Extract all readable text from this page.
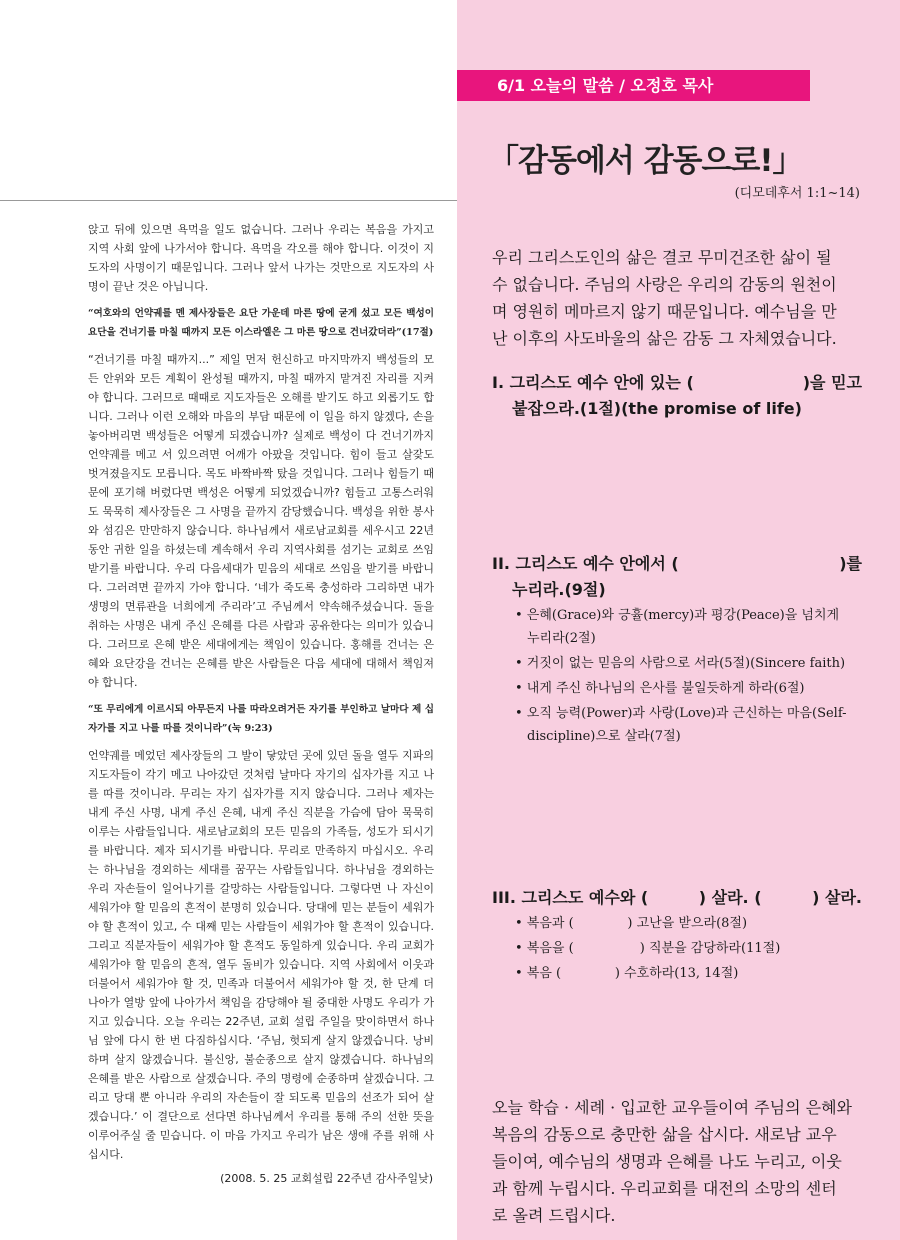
6/1 오늘의 말씀 / 오정호 목사
「감동에서 감동으로!」
(디모데후서 1:1~14)
우리 그리스도인의 삶은 결코 무미건조한 삶이 될 수 없습니다. 주님의 사랑은 우리의 감동의 원천이며 영원히 메마르지 않기 때문입니다. 예수님을 만난 이후의 사도바울의 삶은 감동 그 자체였습니다.
I. 그리스도 예수 안에 있는 (	)을 믿고
붙잡으라.(1절)(the promise of life)
II. 그리스도 예수 안에서 (	)를
누리라.(9절)
• 은혜(Grace)와 긍휼(mercy)과 평강(Peace)을 넘치게
누리라(2절)
• 거짓이 없는 믿음의 사람으로 서라(5절)(Sincere faith)
• 내게 주신 하나님의 은사를 불일듯하게 하라(6절)
• 오직 능력(Power)과 사랑(Love)과 근신하는 마음(Self-
discipline)으로 살라(7절)
III. 그리스도 예수와 (	) 살라. (	) 살라.
• 복음과 (             ) 고난을 받으라(8절)
• 복음을 (                ) 직분을 감당하라(11절)
• 복음 (             ) 수호하라(13, 14절)
오늘 학습 · 세례 · 입교한 교우들이여 주님의 은혜와 복음의 감동으로 충만한 삶을 삽시다. 새로남 교우들이여, 예수님의 생명과 은혜를 나도 누리고, 이웃과 함께 누립시다. 우리교회를 대전의 소망의 센터로 올려 드립시다.

앉고 뒤에 있으면 욕먹을 일도 없습니다. 그러나 우리는 복음을 가지고 지역 사회 앞에 나가서야 합니다. 욕먹을 각오를 해야 합니다. 이것이 지도자의 사명이기 때문입니다. 그러나 앞서 나가는 것만으로 지도자의 사명이 끝난 것은 아닙니다.

“여호와의 언약궤를 멘 제사장들은 요단 가운데 마른 땅에 굳게 섰고 모든 백성이 요단을 건너기를 마칠 때까지 모든 이스라엘은 그 마른 땅으로 건너갔더라”(17절)

“건너기를 마칠 때까지...” 제일 먼저 헌신하고 마지막까지 백성들의 모든 안위와 모든 계획이 완성될 때까지, 마칠 때까지 맡겨진 자리를 지켜야 합니다. 그러므로 때때로 지도자들은 오해를 받기도 하고 외롭기도 합니다. 그러나 이런 오해와 마음의 부담 때문에 이 일을 하지 않겠다, 손을 놓아버리면 백성들은 어떻게 되겠습니까? 실제로 백성이 다 건너기까지 언약궤를 메고 서 있으려면 어깨가 아팠을 것입니다. 힘이 들고 살갗도 벗겨졌을지도 모릅니다. 목도 바짝바짝 탔을 것입니다. 그러나 힘들기 때문에 포기해 버렸다면 백성은 어떻게 되었겠습니까? 힘들고 고통스러워도 묵묵히 제사장들은 그 사명을 끝까지 감당했습니다. 백성을 위한 봉사와 섬김은 만만하지 않습니다. 하나님께서 새로남교회를 세우시고 22년 동안 귀한 일을 하셨는데 계속해서 우리 지역사회를 섬기는 교회로 쓰임받기를 바랍니다. 우리 다음세대가 믿음의 세대로 쓰임을 받기를 바랍니다. 그러려면 끝까지 가야 합니다. ‘네가 죽도록 충성하라 그리하면 내가 생명의 면류관을 너희에게 주리라’고 주님께서 약속해주셨습니다. 돌을 취하는 사명은 내게 주신 은혜를 다른 사람과 공유한다는 의미가 있습니다. 그러므로 은혜 받은 세대에게는 책임이 있습니다. 홍해를 건너는 은혜와 요단강을 건너는 은혜를 받은 사람들은 다음 세대에 대해서 책임져야 합니다.

“또 무리에게 이르시되 아무든지 나를 따라오려거든 자기를 부인하고 날마다 제 십자가를 지고 나를 따를 것이니라”(눅 9:23)

언약궤를 메었던 제사장들의 그 발이 닿았던 곳에 있던 돌을 열두 지파의 지도자들이 각기 메고 나아갔던 것처럼 날마다 자기의 십자가를 지고 나를 따를 것이니라. 무리는 자기 십자가를 지지 않습니다. 그러나 제자는 내게 주신 사명, 내게 주신 은혜, 내게 주신 직분을 가슴에 담아 묵묵히 이루는 사람들입니다. 새로남교회의 모든 믿음의 가족들, 성도가 되시기를 바랍니다. 제자 되시기를 바랍니다. 무리로 만족하지 마십시오. 우리는 하나님을 경외하는 세대를 꿈꾸는 사람들입니다. 하나님을 경외하는 우리 자손들이 일어나기를 갈망하는 사람들입니다. 그렇다면 나 자신이 세워가야 할 믿음의 흔적이 분명히 있습니다. 당대에 믿는 분들이 세워가야 할 흔적이 있고, 수 대째 믿는 사람들이 세워가야 할 흔적이 있습니다. 그리고 직분자들이 세워가야 할 흔적도 동일하게 있습니다. 우리 교회가 세워가야 할 믿음의 흔적, 열두 돌비가 있습니다. 지역 사회에서 이웃과 더불어서 세워가야 할 것, 민족과 더불어서 세워가야 할 것, 한 단계 더 나아가 열방 앞에 나아가서 책임을 감당해야 될 중대한 사명도 우리가 가지고 있습니다. 오늘 우리는 22주년, 교회 설립 주일을 맞이하면서 하나님 앞에 다시 한 번 다짐하십시다. ‘주님, 헛되게 살지 않겠습니다. 낭비하며 살지 않겠습니다. 불신앙, 불순종으로 살지 않겠습니다. 하나님의 은혜를 받은 사람으로 살겠습니다. 주의 명령에 순종하며 살겠습니다. 그리고 당대 뿐 아니라 우리의 자손들이 잘 되도록 믿음의 선조가 되어 살겠습니다.’ 이 결단으로 선다면 하나님께서 우리를 통해 주의 선한 뜻을 이루어주실 줄 믿습니다. 이 마음 가지고 우리가 남은 생애 주를 위해 사십시다.

(2008. 5. 25 교회설립 22주년 감사주일낮)
